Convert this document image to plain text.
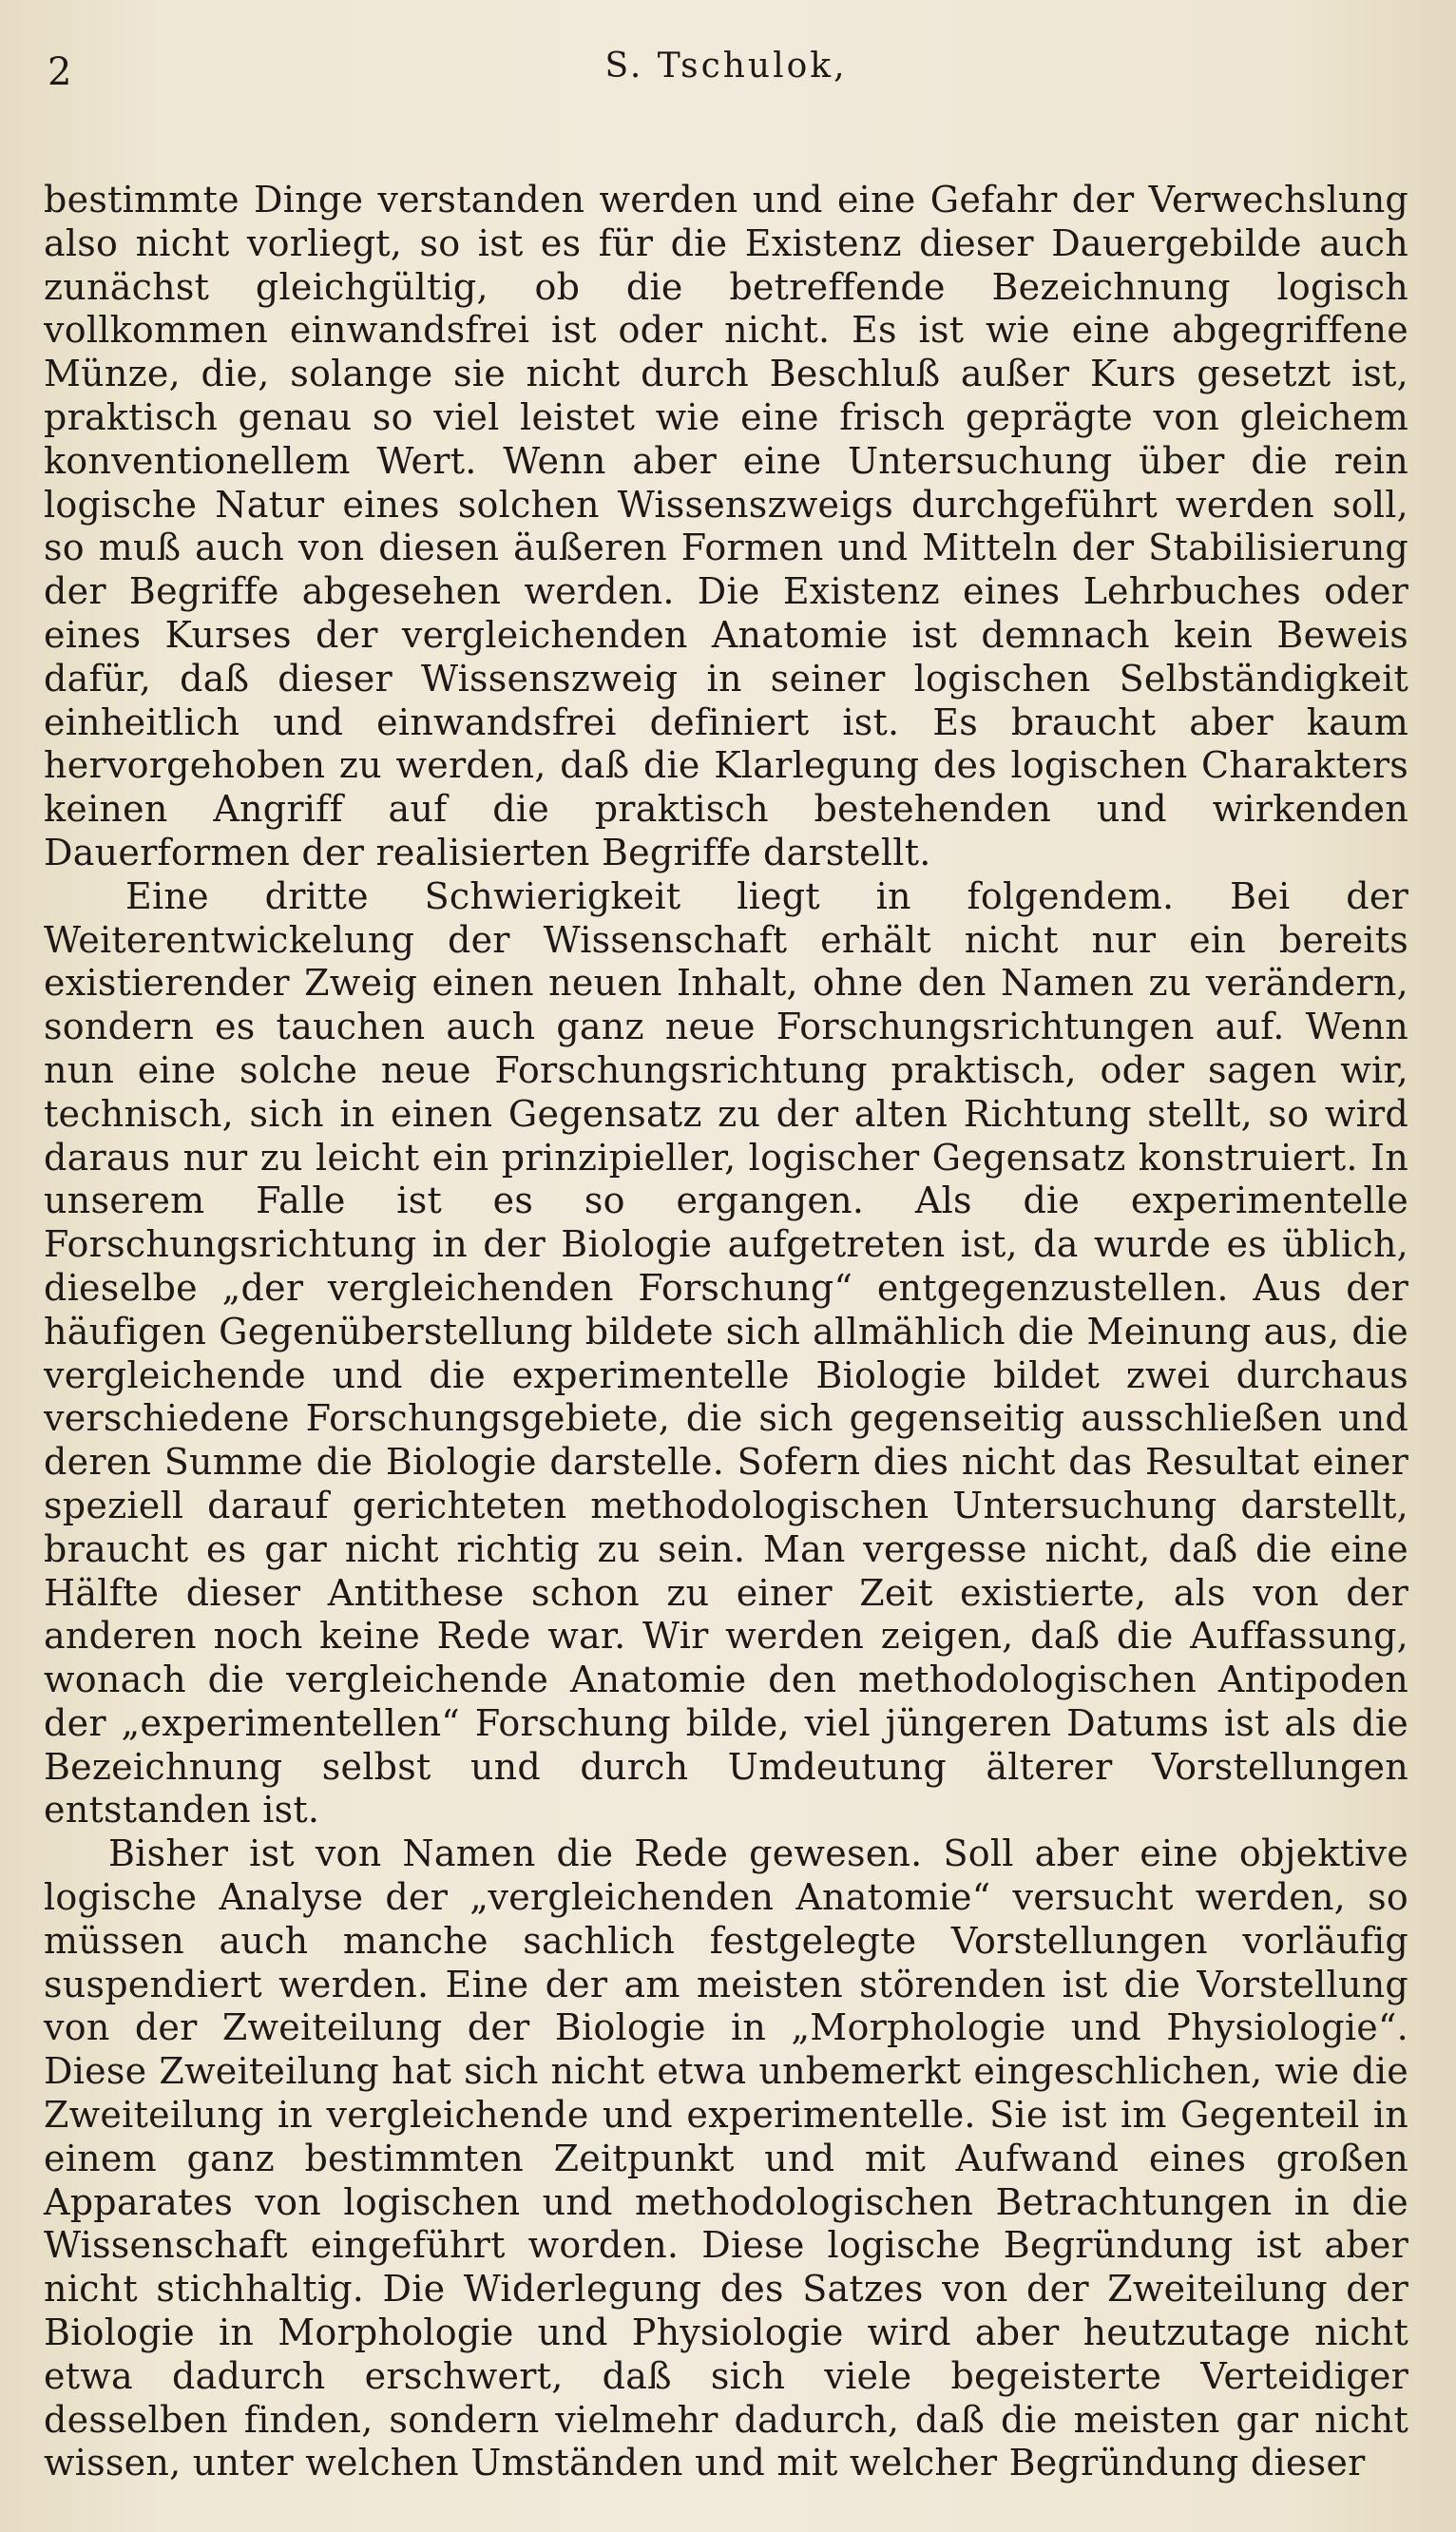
2	S. Tschulok,

bestimmte Dinge verstanden werden und eine Gefahr der Verwechslung also nicht vorliegt, so ist es für die Existenz dieser Dauergebilde auch zunächst gleichgültig, ob die betreffende Bezeichnung logisch vollkommen einwandsfrei ist oder nicht. Es ist wie eine abgegriffene Münze, die, solange sie nicht durch Beschluß außer Kurs gesetzt ist, praktisch genau so viel leistet wie eine frisch geprägte von gleichem konventionellem Wert. Wenn aber eine Untersuchung über die rein logische Natur eines solchen Wissenszweigs durchgeführt werden soll, so muß auch von diesen äußeren Formen und Mitteln der Stabilisierung der Begriffe abgesehen werden. Die Existenz eines Lehrbuches oder eines Kurses der vergleichenden Anatomie ist demnach kein Beweis dafür, daß dieser Wissenszweig in seiner logischen Selbständigkeit einheitlich und einwandsfrei definiert ist. Es braucht aber kaum hervorgehoben zu werden, daß die Klarlegung des logischen Charakters keinen Angriff auf die praktisch bestehenden und wirkenden Dauerformen der realisierten Begriffe darstellt.

Eine dritte Schwierigkeit liegt in folgendem. Bei der Weiterentwickelung der Wissenschaft erhält nicht nur ein bereits existierender Zweig einen neuen Inhalt, ohne den Namen zu verändern, sondern es tauchen auch ganz neue Forschungsrichtungen auf. Wenn nun eine solche neue Forschungsrichtung praktisch, oder sagen wir, technisch, sich in einen Gegensatz zu der alten Richtung stellt, so wird daraus nur zu leicht ein prinzipieller, logischer Gegensatz konstruiert. In unserem Falle ist es so ergangen. Als die experimentelle Forschungsrichtung in der Biologie aufgetreten ist, da wurde es üblich, dieselbe „der vergleichenden Forschung“ entgegenzustellen. Aus der häufigen Gegenüberstellung bildete sich allmählich die Meinung aus, die vergleichende und die experimentelle Biologie bildet zwei durchaus verschiedene Forschungsgebiete, die sich gegenseitig ausschließen und deren Summe die Biologie darstelle. Sofern dies nicht das Resultat einer speziell darauf gerichteten methodologischen Untersuchung darstellt, braucht es gar nicht richtig zu sein. Man vergesse nicht, daß die eine Hälfte dieser Antithese schon zu einer Zeit existierte, als von der anderen noch keine Rede war. Wir werden zeigen, daß die Auffassung, wonach die vergleichende Anatomie den methodologischen Antipoden der „experimentellen“ Forschung bilde, viel jüngeren Datums ist als die Bezeichnung selbst und durch Umdeutung älterer Vorstellungen entstanden ist.

Bisher ist von Namen die Rede gewesen. Soll aber eine objektive logische Analyse der „vergleichenden Anatomie“ versucht werden, so müssen auch manche sachlich festgelegte Vorstellungen vorläufig suspendiert werden. Eine der am meisten störenden ist die Vorstellung von der Zweiteilung der Biologie in „Morphologie und Physiologie“. Diese Zweiteilung hat sich nicht etwa unbemerkt eingeschlichen, wie die Zweiteilung in vergleichende und experimentelle. Sie ist im Gegenteil in einem ganz bestimmten Zeitpunkt und mit Aufwand eines großen Apparates von logischen und methodologischen Betrachtungen in die Wissenschaft eingeführt worden. Diese logische Begründung ist aber nicht stichhaltig. Die Widerlegung des Satzes von der Zweiteilung der Biologie in Morphologie und Physiologie wird aber heutzutage nicht etwa dadurch erschwert, daß sich viele begeisterte Verteidiger desselben finden, sondern vielmehr dadurch, daß die meisten gar nicht wissen, unter welchen Umständen und mit welcher Begründung dieser
